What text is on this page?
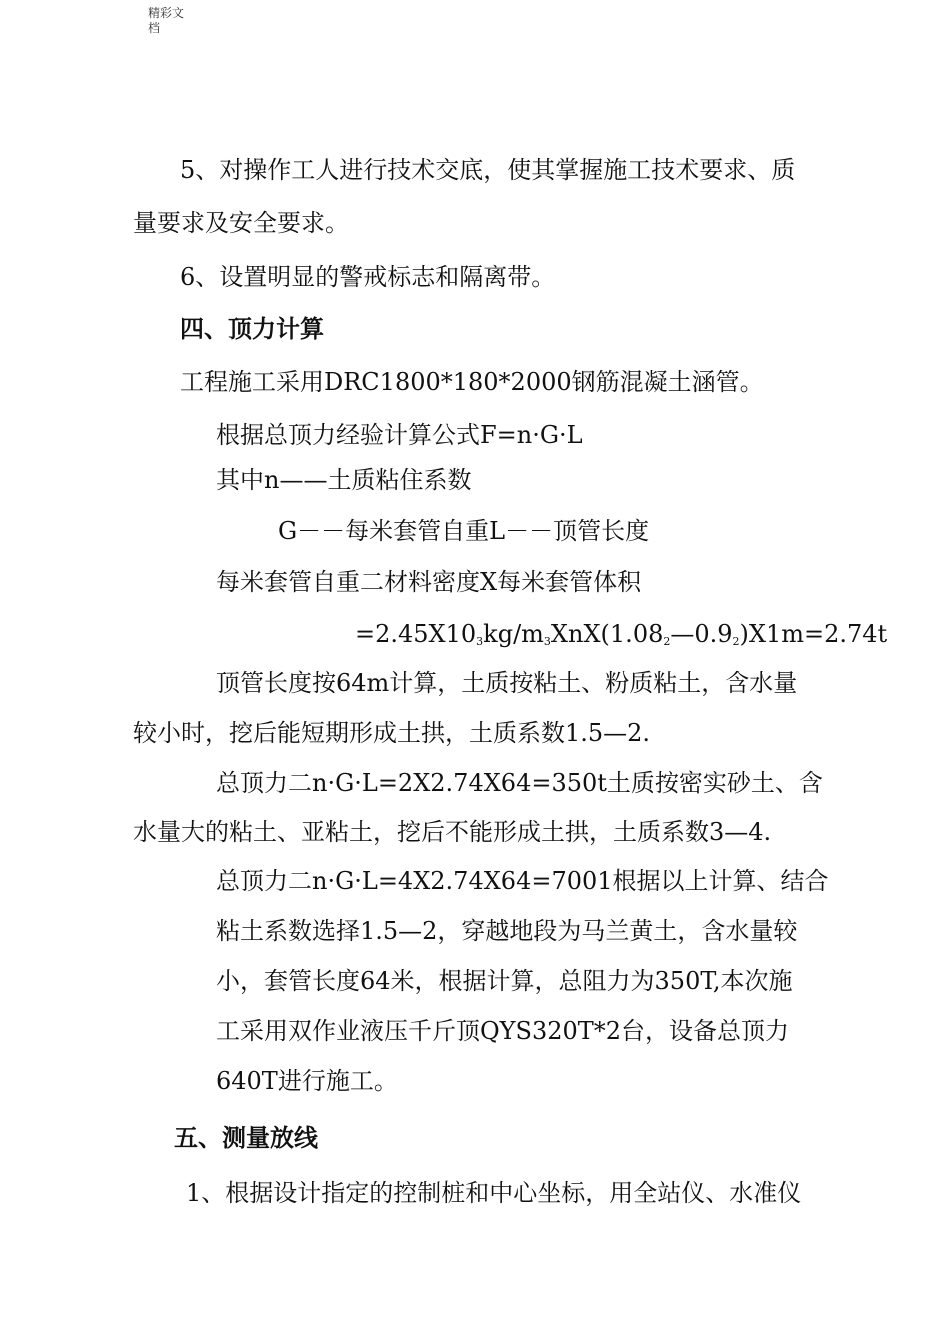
精彩文
档
5、对操作工人进行技术交底，使其掌握施工技术要求、质
量要求及安全要求。
6、设置明显的警戒标志和隔离带。
四、顶力计算
工程施工采用DRC1800*180*2000钢筋混凝土涵管。
根据总顶力经验计算公式F=n·G·L
其中n——土质粘住系数
G－－每米套管自重L－－顶管长度
每米套管自重二材料密度X每米套管体积
$=2.45X10_3kg/m_3XnX(1.08_2—0.9_2)X1m=2.74t$
顶管长度按64m计算，土质按粘土、粉质粘土，含水量
较小时，挖后能短期形成土拱，土质系数1.5—2.
总顶力二n·G·L=2X2.74X64=350t土质按密实砂土、含
水量大的粘土、亚粘土，挖后不能形成土拱，土质系数3—4.
总顶力二n·G·L=4X2.74X64=7001根据以上计算、结合
粘土系数选择1.5—2，穿越地段为马兰黄土，含水量较
小，套管长度64米，根据计算，总阻力为350T,本次施
工采用双作业液压千斤顶QYS320T*2台，设备总顶力
640T进行施工。
五、测量放线
1、根据设计指定的控制桩和中心坐标，用全站仪、水准仪
